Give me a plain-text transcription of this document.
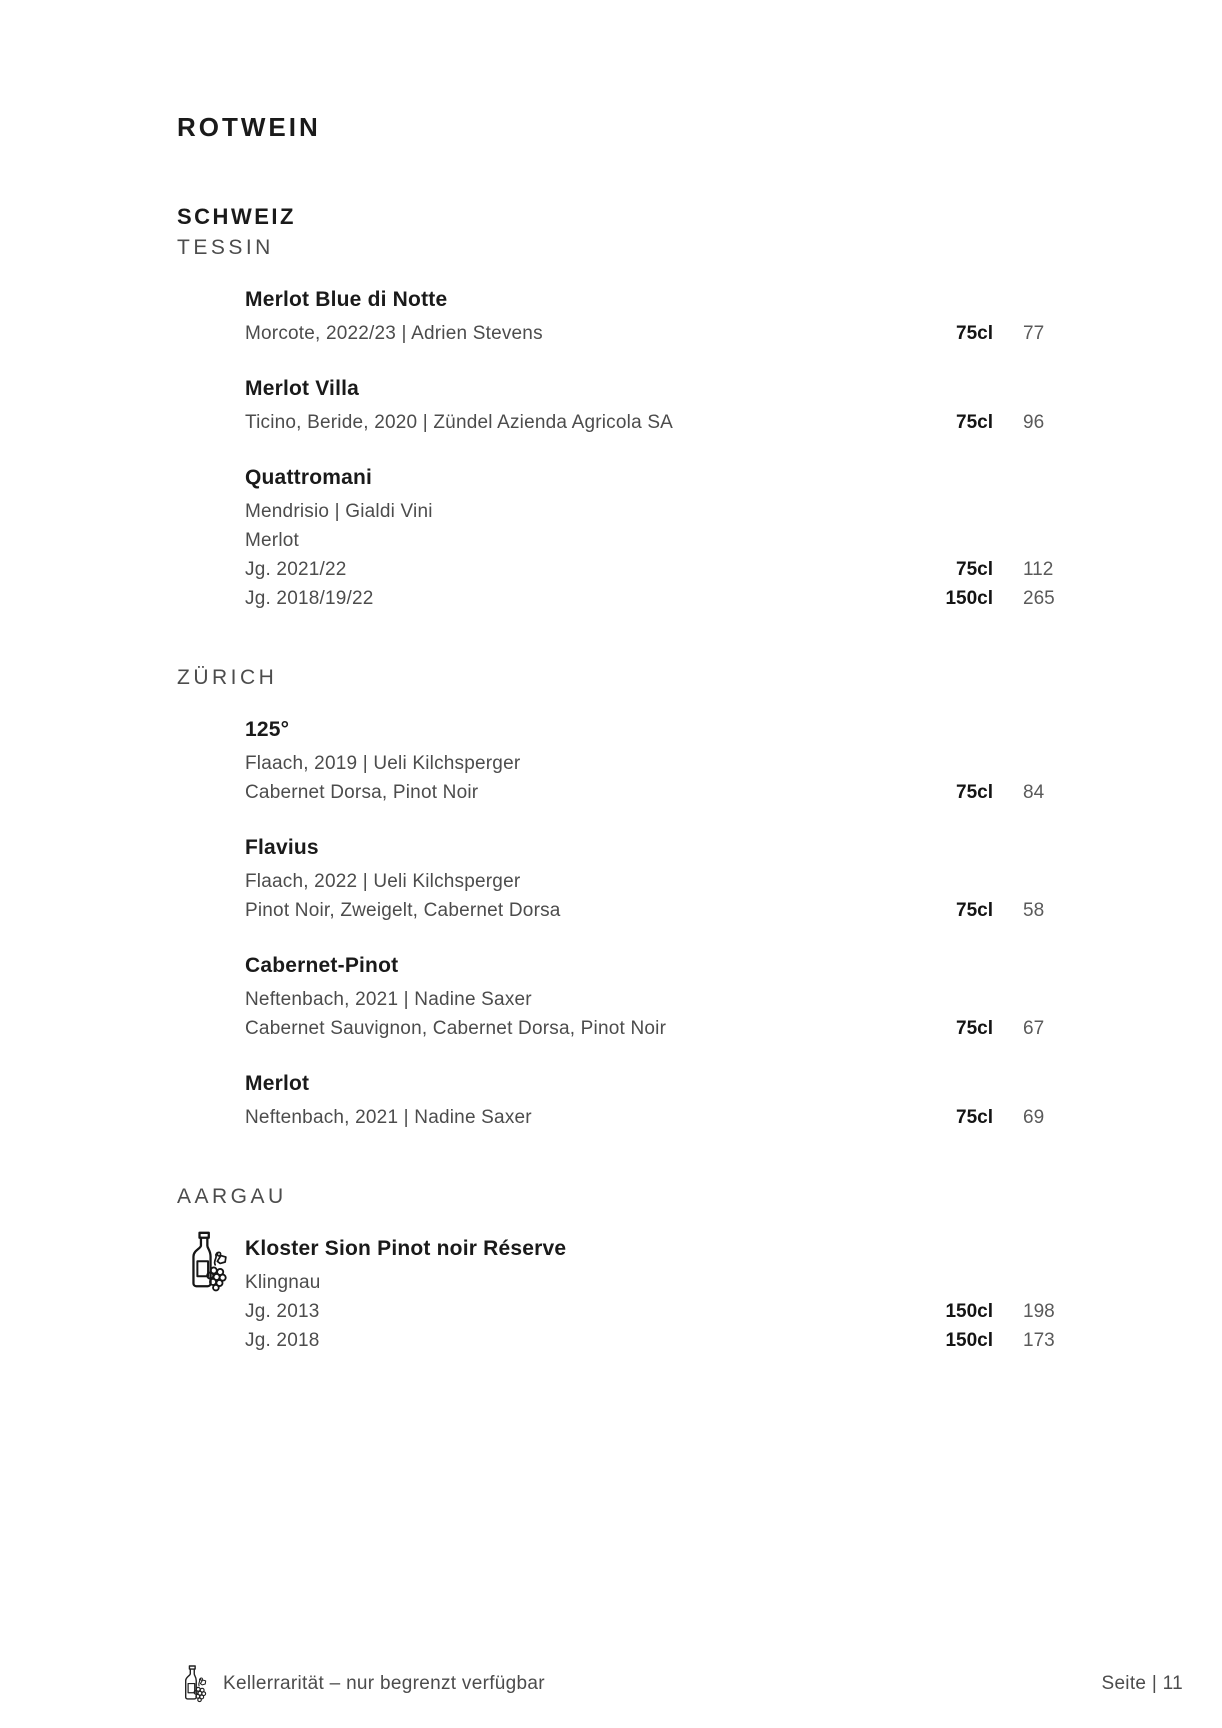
ROTWEIN
SCHWEIZ
TESSIN
Merlot Blue di Notte
Morcote, 2022/23 | Adrien Stevens	75cl 77
Merlot Villa
Ticino, Beride, 2020 | Zündel Azienda Agricola SA	75cl 96
Quattromani
Mendrisio | Gialdi Vini
Merlot
Jg. 2021/22	75cl 112
Jg. 2018/19/22	150cl 265
ZÜRICH
125°
Flaach, 2019 | Ueli Kilchsperger
Cabernet Dorsa, Pinot Noir	75cl 84
Flavius
Flaach, 2022 | Ueli Kilchsperger
Pinot Noir, Zweigelt, Cabernet Dorsa	75cl 58
Cabernet-Pinot
Neftenbach, 2021 | Nadine Saxer
Cabernet Sauvignon, Cabernet Dorsa, Pinot Noir	75cl 67
Merlot
Neftenbach, 2021 | Nadine Saxer	75cl 69
AARGAU
Kloster Sion Pinot noir Réserve
Klingnau
Jg. 2013	150cl 198
Jg. 2018	150cl 173
Kellerrarität – nur begrenzt verfügbar	Seite | 11
